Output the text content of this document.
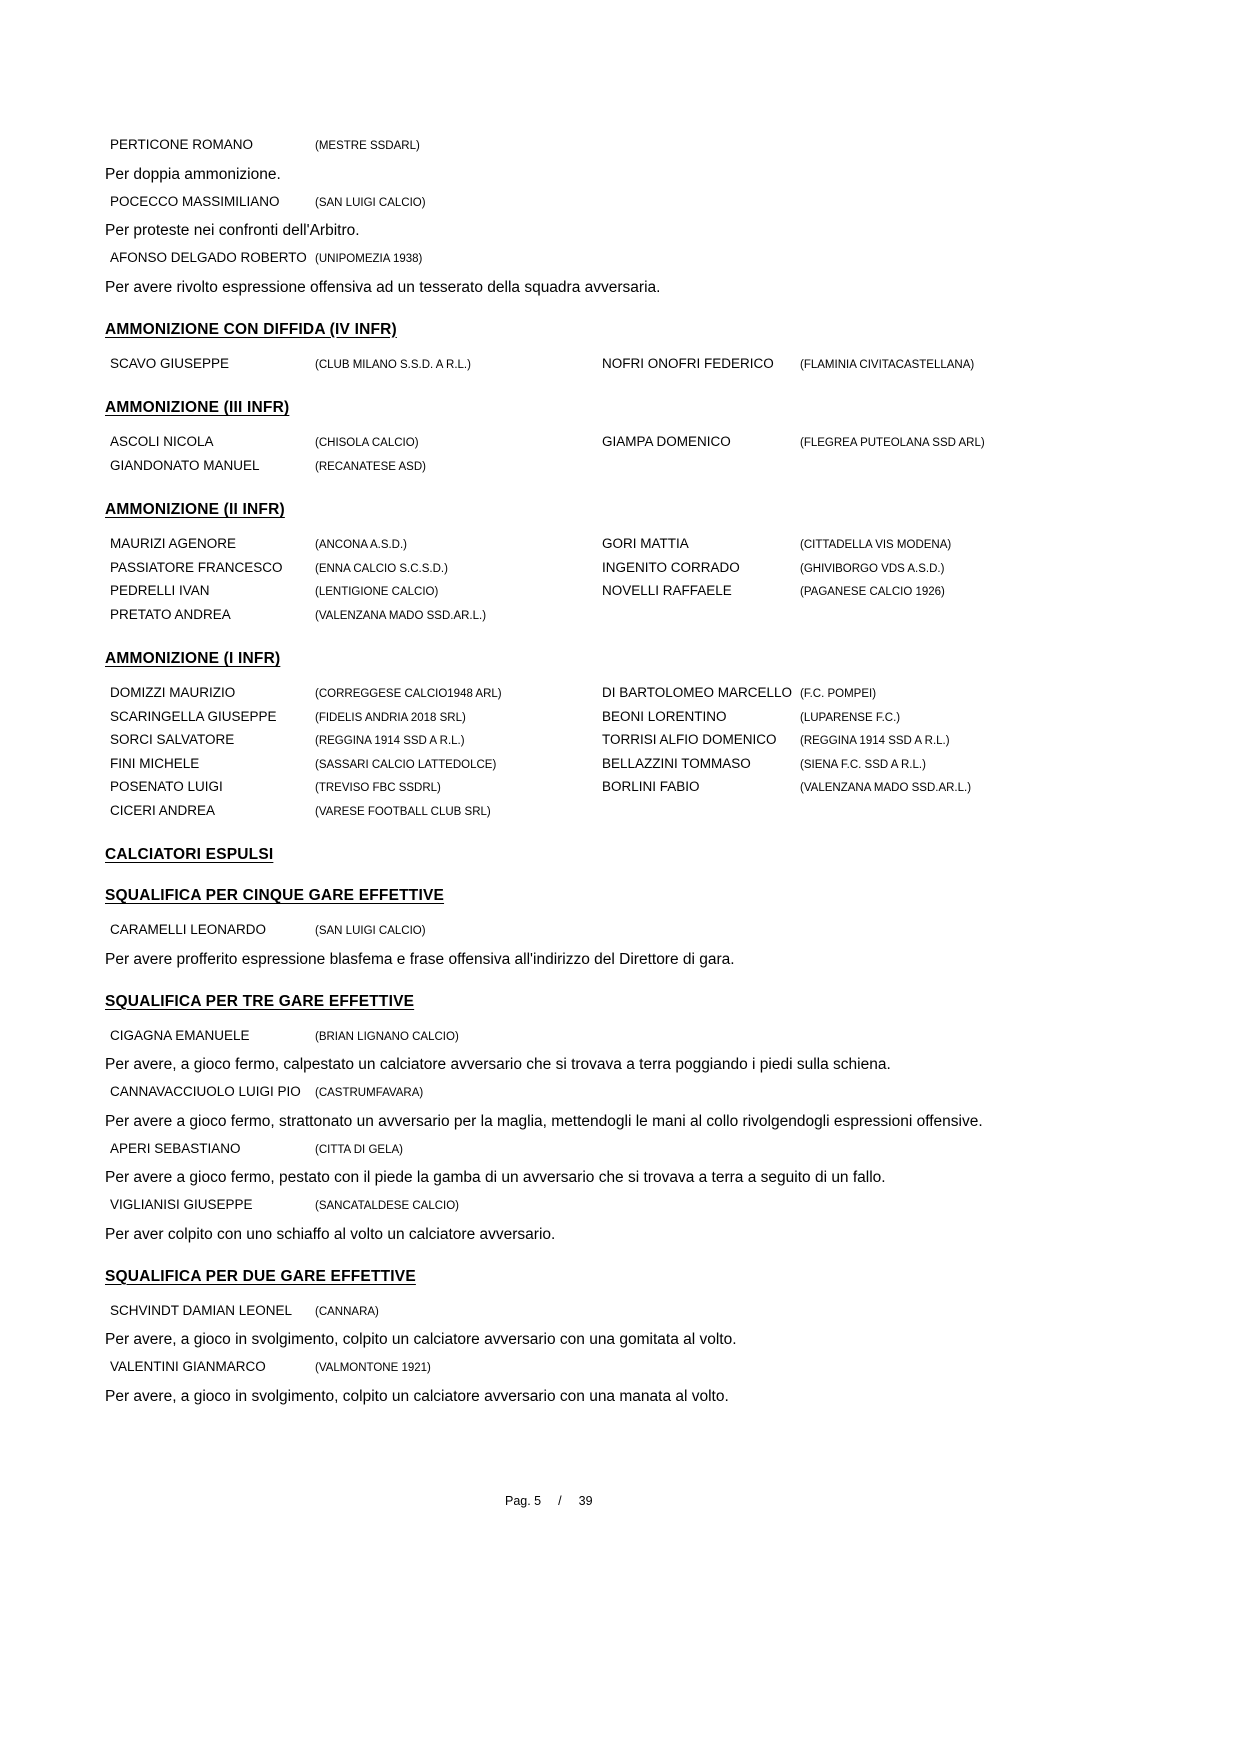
PERTICONE ROMANO	(MESTRE SSDARL)
Per doppia ammonizione.
POCECCO MASSIMILIANO	(SAN LUIGI CALCIO)
Per proteste nei confronti dell'Arbitro.
AFONSO DELGADO ROBERTO (UNIPOMEZIA 1938)
Per avere rivolto espressione offensiva ad un tesserato della squadra avversaria.
AMMONIZIONE CON DIFFIDA (IV INFR)
SCAVO GIUSEPPE	(CLUB MILANO S.S.D. A R.L.)	NOFRI ONOFRI FEDERICO	(FLAMINIA CIVITACASTELLANA)
AMMONIZIONE (III INFR)
ASCOLI NICOLA	(CHISOLA CALCIO)	GIAMPA DOMENICO	(FLEGREA PUTEOLANA SSD ARL)
GIANDONATO MANUEL	(RECANATESE ASD)
AMMONIZIONE (II INFR)
MAURIZI AGENORE	(ANCONA A.S.D.)	GORI MATTIA	(CITTADELLA VIS MODENA)
PASSIATORE FRANCESCO	(ENNA CALCIO S.C.S.D.)	INGENITO CORRADO	(GHIVIBORGO VDS A.S.D.)
PEDRELLI IVAN	(LENTIGIONE CALCIO)	NOVELLI RAFFAELE	(PAGANESE CALCIO 1926)
PRETATO ANDREA	(VALENZANA MADO SSD.AR.L.)
AMMONIZIONE (I INFR)
DOMIZZI MAURIZIO	(CORREGGESE CALCIO1948 ARL)	DI BARTOLOMEO MARCELLO (F.C. POMPEI)
SCARINGELLA GIUSEPPE	(FIDELIS ANDRIA 2018 SRL)	BEONI LORENTINO	(LUPARENSE F.C.)
SORCI SALVATORE	(REGGINA 1914 SSD A R.L.)	TORRISI ALFIO DOMENICO	(REGGINA 1914 SSD A R.L.)
FINI MICHELE	(SASSARI CALCIO LATTEDOLCE)	BELLAZZINI TOMMASO	(SIENA F.C. SSD A R.L.)
POSENATO LUIGI	(TREVISO FBC SSDRL)	BORLINI FABIO	(VALENZANA MADO SSD.AR.L.)
CICERI ANDREA	(VARESE FOOTBALL CLUB SRL)
CALCIATORI ESPULSI
SQUALIFICA PER CINQUE GARE EFFETTIVE
CARAMELLI LEONARDO	(SAN LUIGI CALCIO)
Per avere profferito espressione blasfema e frase offensiva all'indirizzo del Direttore di gara.
SQUALIFICA PER TRE GARE EFFETTIVE
CIGAGNA EMANUELE	(BRIAN LIGNANO CALCIO)
Per avere, a gioco fermo, calpestato un calciatore avversario che si trovava a terra poggiando i piedi sulla schiena.
CANNAVACCIUOLO LUIGI PIO	(CASTRUMFAVARA)
Per avere a gioco fermo, strattonato un avversario per la maglia, mettendogli le mani al collo rivolgendogli espressioni offensive.
APERI SEBASTIANO	(CITTA DI GELA)
Per avere a gioco fermo, pestato con il piede la gamba di un avversario che si trovava a terra a seguito di un fallo.
VIGLIANISI GIUSEPPE	(SANCATALDESE CALCIO)
Per aver colpito con uno schiaffo al volto un calciatore avversario.
SQUALIFICA PER DUE GARE EFFETTIVE
SCHVINDT DAMIAN LEONEL	(CANNARA)
Per avere, a gioco in svolgimento, colpito un calciatore avversario con una gomitata al volto.
VALENTINI GIANMARCO	(VALMONTONE 1921)
Per avere, a gioco in svolgimento, colpito un calciatore avversario con una manata al volto.
Pag. 5 / 39
